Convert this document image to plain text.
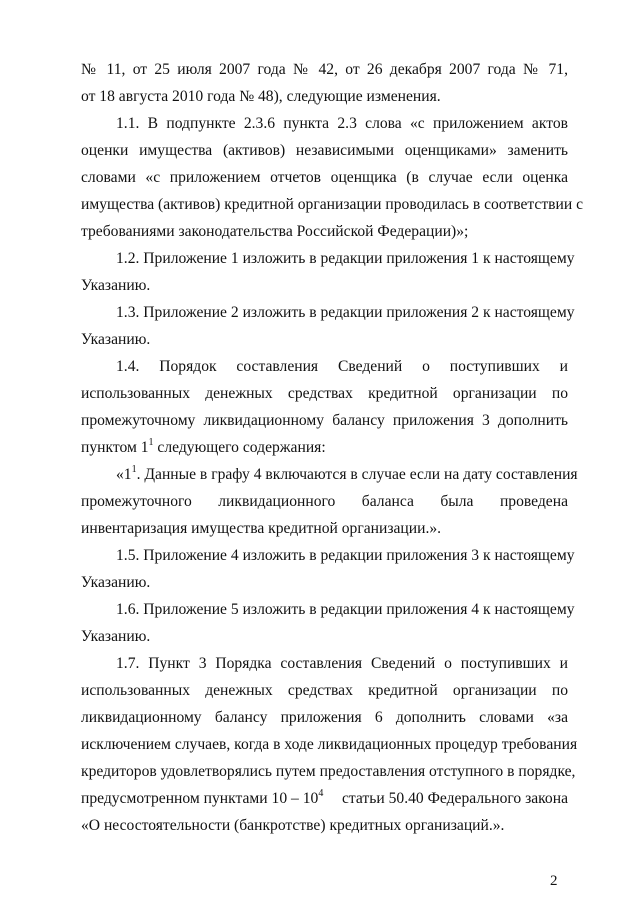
№ 11, от 25 июля 2007 года № 42, от 26 декабря 2007 года № 71,
от 18 августа 2010 года № 48), следующие изменения.
1.1. В подпункте 2.3.6 пункта 2.3 слова «с приложением актов
оценки имущества (активов) независимыми оценщиками» заменить
словами «с приложением отчетов оценщика (в случае если оценка
имущества (активов) кредитной организации проводилась в соответствии с
требованиями законодательства Российской Федерации)»;
1.2. Приложение 1 изложить в редакции приложения 1 к настоящему
Указанию.
1.3. Приложение 2 изложить в редакции приложения 2 к настоящему
Указанию.
1.4. Порядок составления Сведений о поступивших и
использованных денежных средствах кредитной организации по
промежуточному ликвидационному балансу приложения 3 дополнить
пунктом $1^1$ следующего содержания:
«$1^1$. Данные в графу 4 включаются в случае если на дату составления
промежуточного ликвидационного баланса была проведена
инвентаризация имущества кредитной организации.».
1.5. Приложение 4 изложить в редакции приложения 3 к настоящему
Указанию.
1.6. Приложение 5 изложить в редакции приложения 4 к настоящему
Указанию.
1.7. Пункт 3 Порядка составления Сведений о поступивших и
использованных денежных средствах кредитной организации по
ликвидационному балансу приложения 6 дополнить словами «за
исключением случаев, когда в ходе ликвидационных процедур требования
кредиторов удовлетворялись путем предоставления отступного в порядке,
предусмотренном пунктами $10 - 10^4$ статьи 50.40 Федерального закона
«О несостоятельности (банкротстве) кредитных организаций.».
2
